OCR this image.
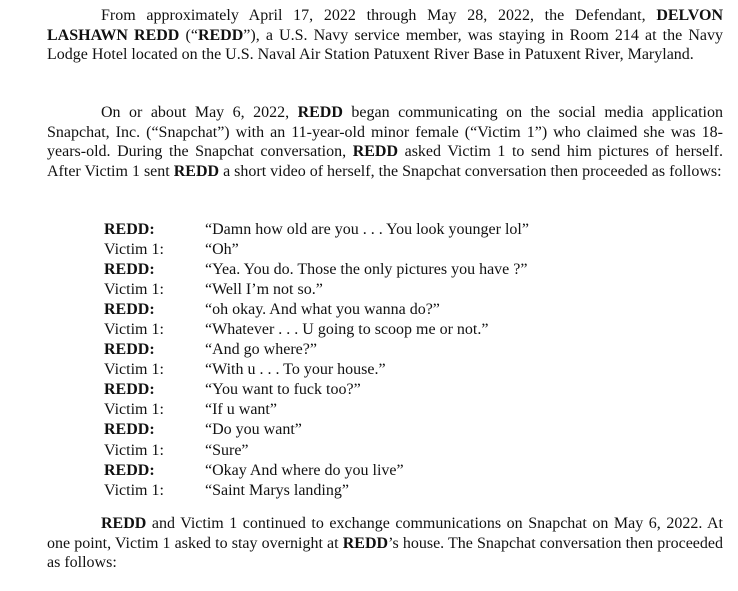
From approximately April 17, 2022 through May 28, 2022, the Defendant, DELVON LASHAWN REDD (“REDD”), a U.S. Navy service member, was staying in Room 214 at the Navy Lodge Hotel located on the U.S. Naval Air Station Patuxent River Base in Patuxent River, Maryland.

On or about May 6, 2022, REDD began communicating on the social media application Snapchat, Inc. (“Snapchat”) with an 11-year-old minor female (“Victim 1”) who claimed she was 18-years-old. During the Snapchat conversation, REDD asked Victim 1 to send him pictures of herself. After Victim 1 sent REDD a short video of herself, the Snapchat conversation then proceeded as follows:

REDD:	“Damn how old are you . . . You look younger lol”
Victim 1:	“Oh”
REDD:	“Yea. You do. Those the only pictures you have ?”
Victim 1:	“Well I’m not so.”
REDD:	“oh okay. And what you wanna do?”
Victim 1:	“Whatever . . . U going to scoop me or not.”
REDD:	“And go where?”
Victim 1:	“With u . . . To your house.”
REDD:	“You want to fuck too?”
Victim 1:	“If u want”
REDD:	“Do you want”
Victim 1:	“Sure”
REDD:	“Okay And where do you live”
Victim 1:	“Saint Marys landing”

REDD and Victim 1 continued to exchange communications on Snapchat on May 6, 2022. At one point, Victim 1 asked to stay overnight at REDD’s house. The Snapchat conversation then proceeded as follows:
